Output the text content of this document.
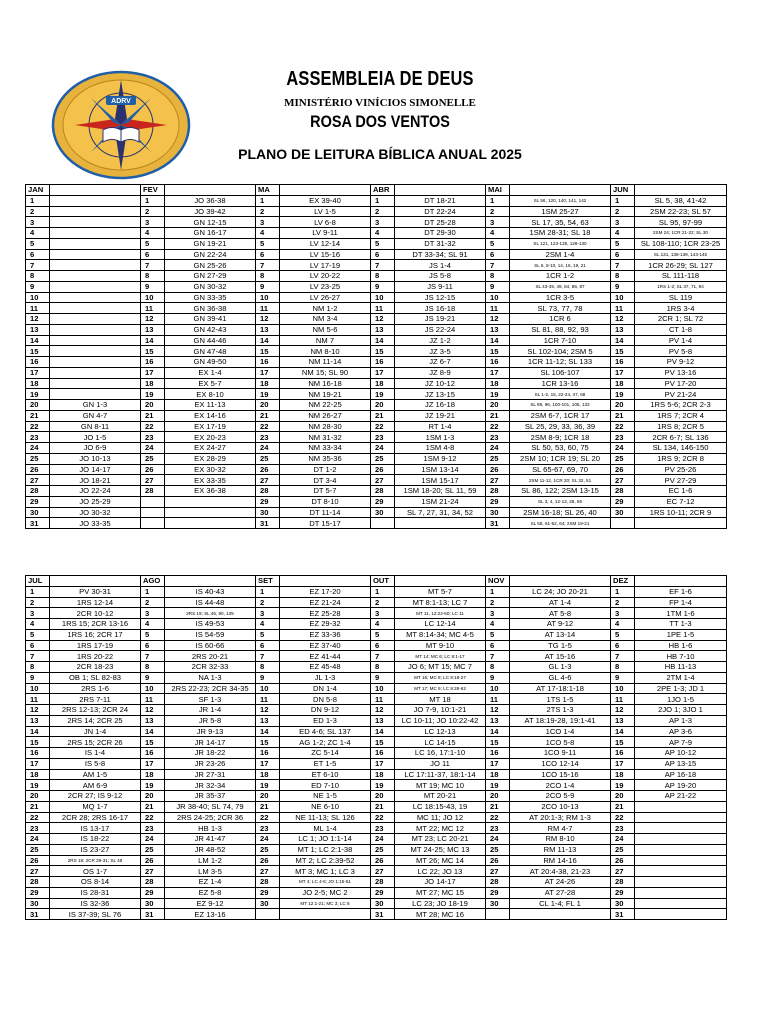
ADRV
ASSEMBLEIA DE DEUS
MINISTÉRIO VINÍCIOS SIMONELLE
ROSA DOS VENTOS
PLANO DE LEITURA BÍBLICA ANUAL 2025
JAN		FEV		MA		ABR		MAI		JUN	
1		1	JO 36-38	1	EX 39-40	1	DT 18-21	1	SL 56, 120, 140, 141, 142	1	SL 5, 38, 41-42
2		2	JO 39-42	2	LV 1-5	2	DT 22-24	2	1SM 25-27	2	2SM 22-23; SL 57
3		3	GN 12-15	3	LV 6-8	3	DT 25-28	3	SL 17, 35, 54, 63	3	SL 95, 97-99
4		4	GN 16-17	4	LV 9-11	4	DT 29-30	4	1SM 28-31; SL 18	4	2SM 24; 1CR 21-22; SL 30
5		5	GN 19-21	5	LV 12-14	5	DT 31-32	5	SL 121, 123-125, 128-130	5	SL 108-110; 1CR 23-25
6		6	GN 22-24	6	LV 15-16	6	DT 33-34; SL 91	6	2SM 1-4	6	SL 131, 138-139, 143-145
7		7	GN 25-26	7	LV 17-19	7	JS 1-4	7	SL 6, 8-10, 14, 16, 19, 21	7	1CR 26-29; SL 127
8		8	GN 27-29	8	LV 20-22	8	JS 5-8	8	1CR 1-2	8	SL 111-118
9		9	GN 30-32	9	LV 23-25	9	JS 9-11	9	SL 43-45, 49, 84, 85, 87	9	1RS 1-2; SL 37, 71, 94
10		10	GN 33-35	10	LV 26-27	10	JS 12-15	10	1CR 3-5	10	SL 119
11		11	GN 36-38	11	NM 1-2	11	JS 16-18	11	SL 73, 77, 78	11	1RS 3-4
12		12	GN 39-41	12	NM 3-4	12	JS 19-21	12	1CR 6	12	2CR 1; SL 72
13		13	GN 42-43	13	NM 5-6	13	JS 22-24	13	SL 81, 88, 92, 93	13	CT 1-8
14		14	GN 44-46	14	NM 7	14	JZ 1-2	14	1CR 7-10	14	PV 1-4
15		15	GN 47-48	15	NM 8-10	15	JZ 3-5	15	SL 102-104; 2SM 5	15	PV 5-8
16		16	GN 49-50	16	NM 11-14	16	JZ 6-7	16	1CR 11-12; SL 133	16	PV 9-12
17		17	EX 1-4	17	NM 15; SL 90	17	JZ 8-9	17	SL 106-107	17	PV 13-16
18		18	EX 5-7	18	NM 16-18	18	JZ 10-12	18	1CR 13-16	18	PV 17-20
19		19	EX 8-10	19	NM 19-21	19	JZ 13-15	19	SL 1-2, 15, 22-24, 47, 68	19	PV 21-24
20	GN 1-3	20	EX 11-13	20	NM 22-25	20	JZ 16-18	20	SL 89, 96, 100-101, 105, 132	20	1RS 5-6; 2CR 2-3
21	GN 4-7	21	EX 14-16	21	NM 26-27	21	JZ 19-21	21	2SM 6-7, 1CR 17	21	1RS 7; 2CR 4
22	GN 8-11	22	EX 17-19	22	NM 28-30	22	RT 1-4	22	SL 25, 29, 33, 36, 39	22	1RS 8; 2CR 5
23	JO 1-5	23	EX 20-23	23	NM 31-32	23	1SM 1-3	23	2SM 8-9; 1CR 18	23	2CR 6-7; SL 136
24	JO 6-9	24	EX 24-27	24	NM 33-34	24	1SM 4-8	24	SL 50, 53, 60, 75	24	SL 134, 146-150
25	JO 10-13	25	EX 28-29	25	NM 35-36	25	1SM 9-12	25	2SM 10; 1CR 19; SL 20	25	1RS 9; 2CR 8
26	JO 14-17	26	EX 30-32	26	DT 1-2	26	1SM 13-14	26	SL 65-67, 69, 70	26	PV 25-26
27	JO 18-21	27	EX 33-35	27	DT 3-4	27	1SM 15-17	27	2SM 11-12, 1CR 20; SL 32, 51	27	PV 27-29
28	JO 22-24	28	EX 36-38	28	DT 5-7	28	1SM 18-20; SL 11, 59	28	SL 86, 122; 2SM 13-15	28	EC 1-6
29	JO 25-29			29	DT 8-10	29	1SM 21-24	29	SL 3, 4, 12-13, 28, 55	29	EC 7-12
30	JO 30-32			30	DT 11-14	30	SL 7, 27, 31, 34, 52	30	2SM 16-18; SL 26, 40	30	1RS 10-11; 2CR 9
31	JO 33-35			31	DT 15-17			31	SL 58, 61-62, 64; 2SM 19-21		
JUL		AGO		SET		OUT		NOV		DEZ	
1	PV 30-31	1	IS 40-43	1	EZ 17-20	1	MT 5-7	1	LC 24; JO 20-21	1	EF 1-6
2	1RS 12-14	2	IS 44-48	2	EZ 21-24	2	MT 8:1-13; LC 7	2	AT 1-4	2	FP 1-4
3	2CR 10-12	3	2RS 19; SL 46, 80, 135	3	EZ 25-28	3	MT 11, 12:22-50; LC 11	3	AT 5-8	3	1TM 1-6
4	1RS 15; 2CR 13-16	4	IS 49-53	4	EZ 29-32	4	LC 12-14	4	AT 9-12	4	TT 1-3
5	1RS 16; 2CR 17	5	IS 54-59	5	EZ 33-36	5	MT 8:14-34; MC 4-5	5	AT 13-14	5	1PE 1-5
6	1RS 17-19	6	IS 60-66	6	EZ 37-40	6	MT 9-10	6	TG 1-5	6	HB 1-6
7	1RS 20-22	7	2RS 20-21	7	EZ 41-44	7	MT 14; MC 6; LC 9:1-17	7	AT 15-16	7	HB 7-10
8	2CR 18-23	8	2CR 32-33	8	EZ 45-48	8	JO 6; MT 15; MC 7	8	GL 1-3	8	HB 11-13
9	OB 1; SL 82-83	9	NA 1-3	9	JL 1-3	9	MT 16; MC 8; LC 9:18-27	9	GL 4-6	9	2TM 1-4
10	2RS 1-6	10	2RS 22-23; 2CR 34-35	10	DN 1-4	10	MT 17; MC 9; LC 9:28-62	10	AT 17-18:1-18	10	2PE 1-3; JD 1
11	2RS 7-11	11	SF 1-3	11	DN 5-8	11	MT 18	11	1TS 1-5	11	1JO 1-5
12	2RS 12-13; 2CR 24	12	JR 1-4	12	DN 9-12	12	JO 7-9, 10:1-21	12	2TS 1-3	12	2JO 1; 3JO 1
13	2RS 14; 2CR 25	13	JR 5-8	13	ED 1-3	13	LC 10-11; JO 10:22-42	13	AT 18:19-28, 19:1-41	13	AP 1-3
14	JN 1-4	14	JR 9-13	14	ED 4-6; SL 137	14	LC 12-13	14	1CO 1-4	14	AP 3-6
15	2RS 15; 2CR 26	15	JR 14-17	15	AG 1-2; ZC 1-4	15	LC 14-15	15	1CO 5-8	15	AP 7-9
16	IS 1-4	16	JR 18-22	16	ZC 5-14	16	LC 16, 17:1-10	16	1CO 9-11	16	AP 10-12
17	IS 5-8	17	JR 23-26	17	ET 1-5	17	JO 11	17	1CO 12-14	17	AP 13-15
18	AM 1-5	18	JR 27-31	18	ET 6-10	18	LC 17:11-37, 18:1-14	18	1CO 15-16	18	AP 16-18
19	AM 6-9	19	JR 32-34	19	ED 7-10	19	MT 19; MC 10	19	2CO 1-4	19	AP 19-20
20	2CR 27; IS 9-12	20	JR 35-37	20	NE 1-5	20	MT 20-21	20	2CO 5-9	20	AP 21-22
21	MQ 1-7	21	JR 38-40; SL 74, 79	21	NE 6-10	21	LC 18:15-43, 19	21	2CO 10-13	21	
22	2CR 28; 2RS 16-17	22	2RS 24-25; 2CR 36	22	NE 11-13; SL 126	22	MC 11; JO 12	22	AT 20:1-3; RM 1-3	22	
23	IS 13-17	23	HB 1-3	23	ML 1-4	23	MT 22; MC 12	23	RM 4-7	23	
24	IS 18-22	24	JR 41-47	24	LC 1; JO 1:1-14	24	MT 23; LC 20-21	24	RM 8-10	24	
25	IS 23-27	25	JR 48-52	25	MT 1; LC 2:1-38	25	MT 24-25; MC 13	25	RM 11-13	25	
26	2RS 18; 2CR 29-31; SL 48	26	LM 1-2	26	MT 2; LC 2:39-52	26	MT 26; MC 14	26	RM 14-16	26	
27	OS 1-7	27	LM 3-5	27	MT 3; MC 1; LC 3	27	LC 22; JO 13	27	AT 20:4-38, 21-23	27	
28	OS 8-14	28	EZ 1-4	28	MT 4; LC 4-5; JO 1:15-51	28	JO 14-17	28	AT 24-26	28	
29	IS 28-31	29	EZ 5-8	29	JO 2-5; MC 2	29	MT 27; MC 15	29	AT 27-28	29	
30	IS 32-36	30	EZ 9-12	30	MT 12:1-21; MC 3; LC 6	30	LC 23; JO 18-19	30	CL 1-4; FL 1	30	
31	IS 37-39; SL 76	31	EZ 13-16			31	MT 28; MC 16			31	
